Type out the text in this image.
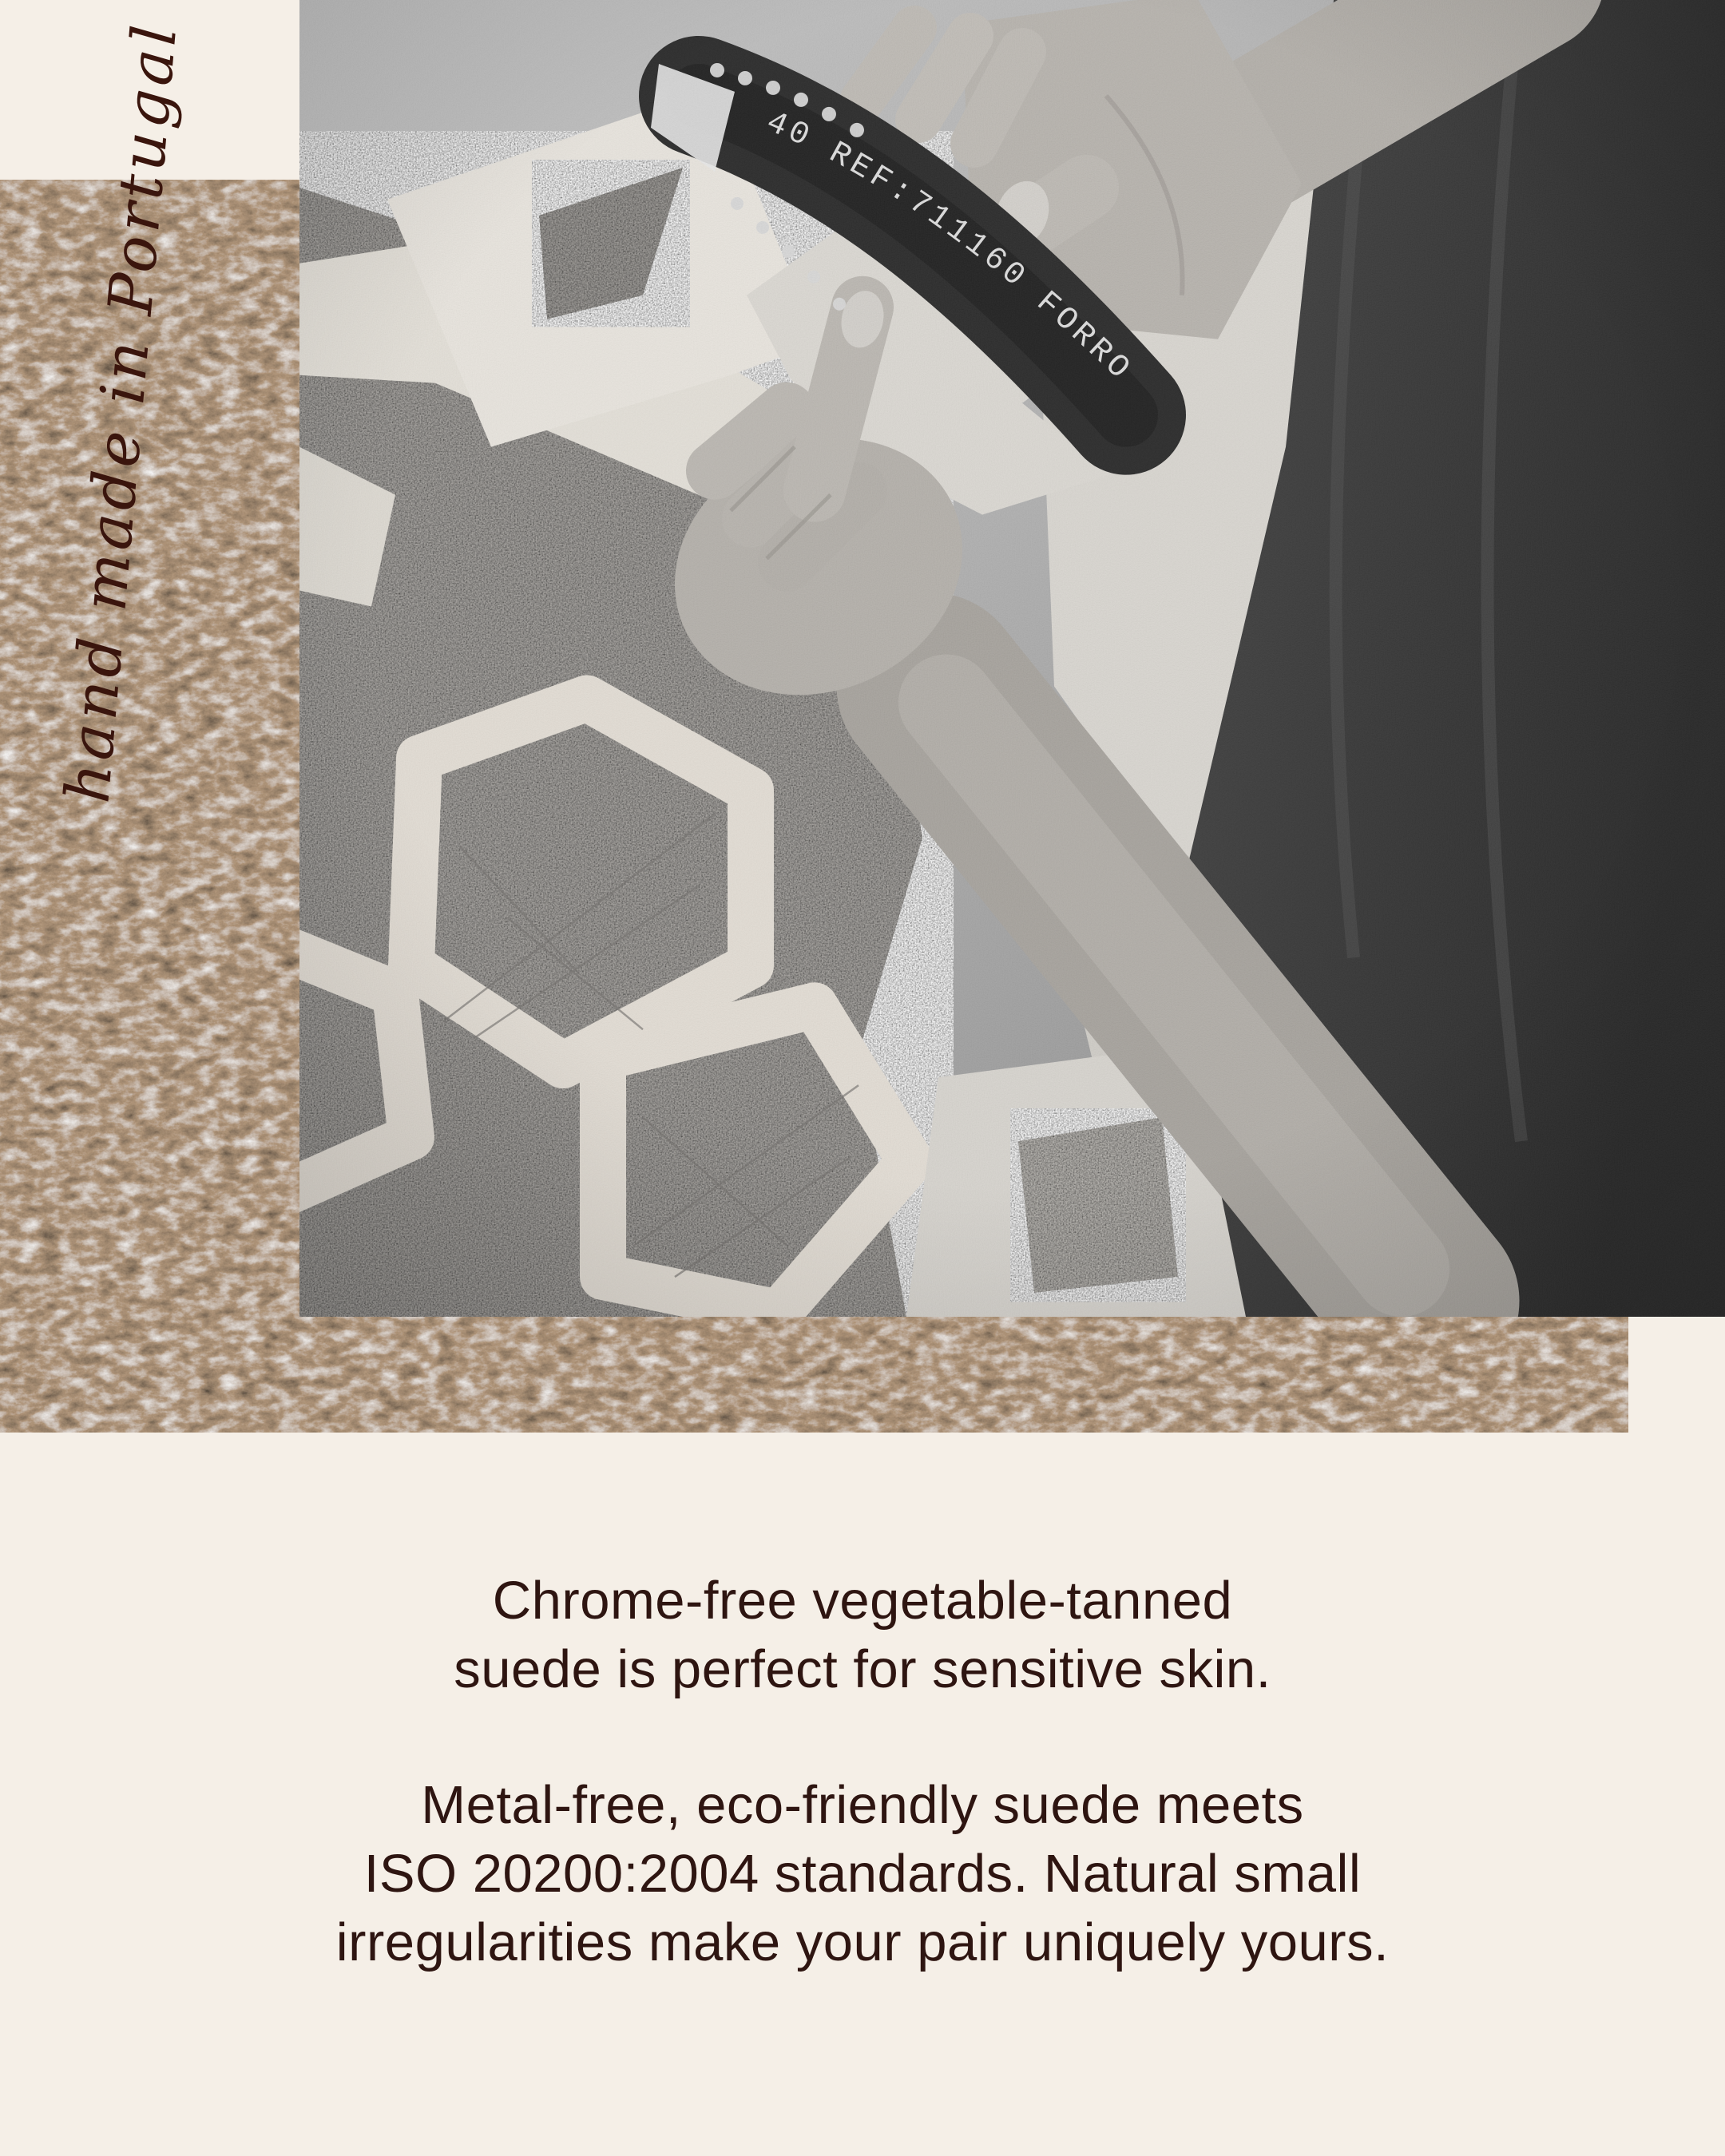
hand made in Portugal

Chrome-free vegetable-tanned
suede is perfect for sensitive skin.

Metal-free, eco-friendly suede meets
ISO 20200:2004 standards. Natural small
irregularities make your pair uniquely yours.
